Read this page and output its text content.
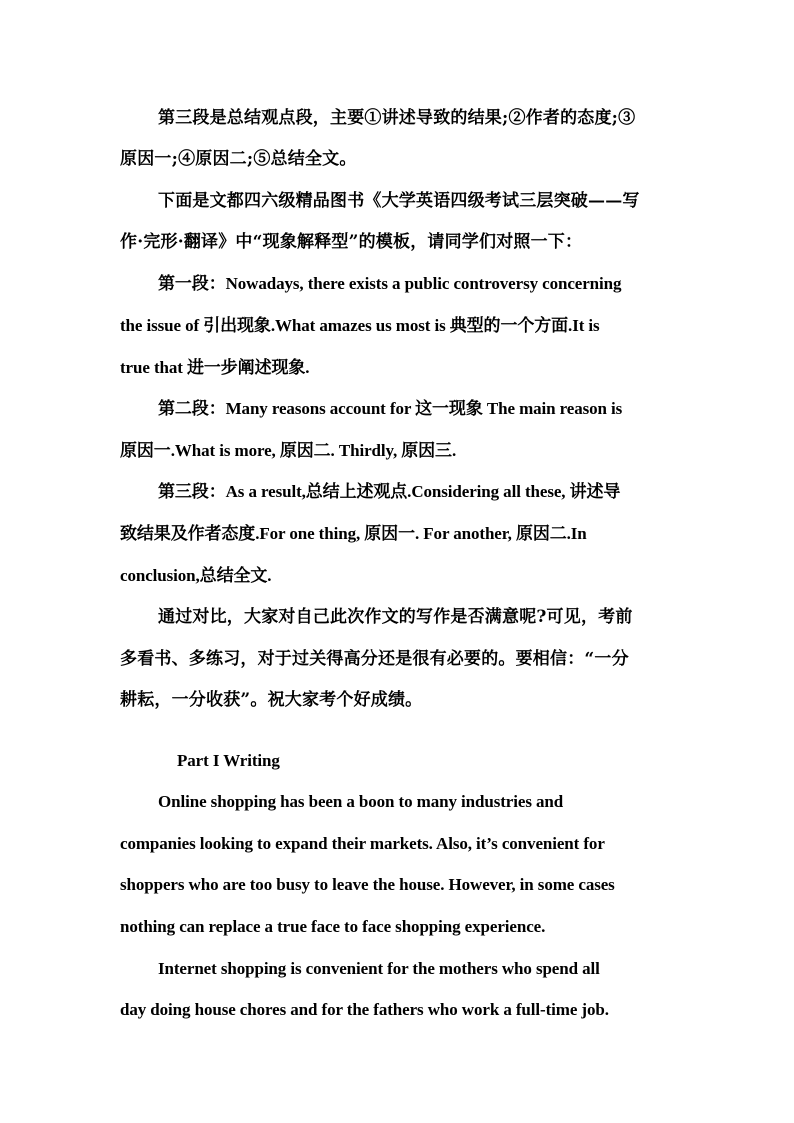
第三段是总结观点段，主要①讲述导致的结果;②作者的态度;③
原因一;④原因二;⑤总结全文。
下面是文都四六级精品图书《大学英语四级考试三层突破——写
作·完形·翻译》中“现象解释型”的模板，请同学们对照一下：
第一段：Nowadays, there exists a public controversy concerning
the issue of 引出现象.What amazes us most is 典型的一个方面.It is
true that 进一步阐述现象.
第二段：Many reasons account for 这一现象 The main reason is
原因一.What is more, 原因二. Thirdly, 原因三.
第三段：As a result,总结上述观点.Considering all these, 讲述导
致结果及作者态度.For one thing, 原因一. For another, 原因二.In
conclusion,总结全文.
通过对比，大家对自己此次作文的写作是否满意呢?可见，考前
多看书、多练习，对于过关得高分还是很有必要的。要相信：“一分
耕耘，一分收获”。祝大家考个好成绩。
Part I Writing
Online shopping has been a boon to many industries and
companies looking to expand their markets. Also, it’s convenient for
shoppers who are too busy to leave the house. However, in some cases
nothing can replace a true face to face shopping experience.
Internet shopping is convenient for the mothers who spend all
day doing house chores and for the fathers who work a full-time job.
